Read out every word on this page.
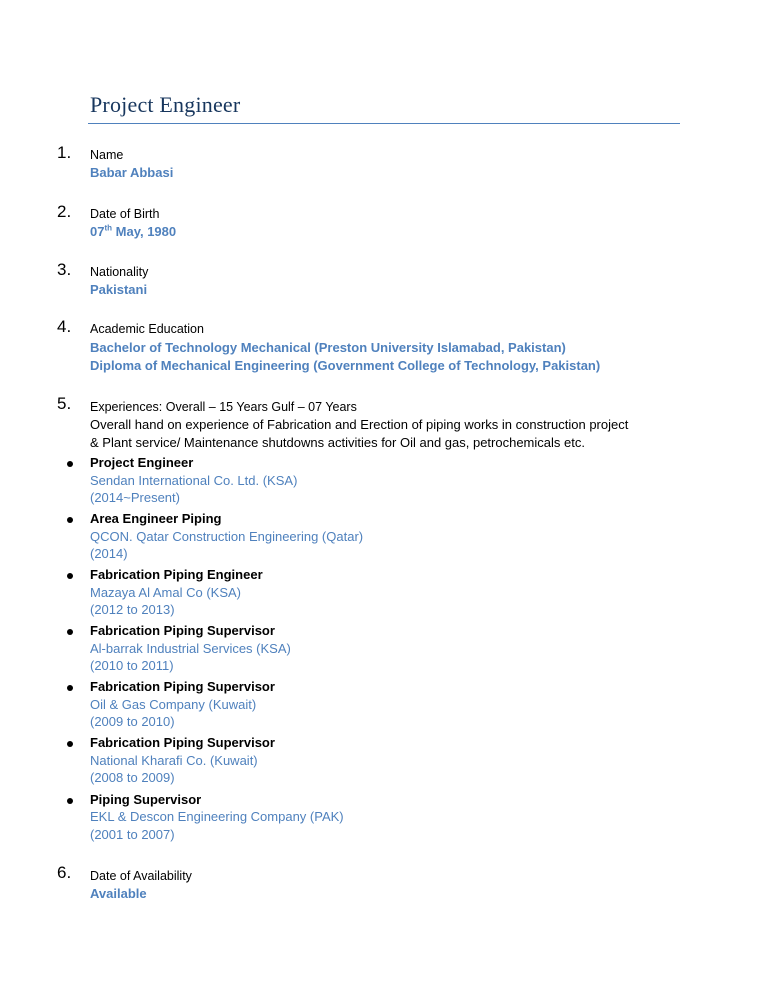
Project Engineer
1. Name
Babar Abbasi
2. Date of Birth
07th May, 1980
3. Nationality
Pakistani
4. Academic Education
Bachelor of Technology Mechanical (Preston University Islamabad, Pakistan)
Diploma of Mechanical Engineering (Government College of Technology, Pakistan)
5. Experiences: Overall – 15 Years Gulf – 07 Years
Overall hand on experience of Fabrication and Erection of piping works in construction project
& Plant service/ Maintenance shutdowns activities for Oil and gas, petrochemicals etc.
Project Engineer
Sendan International Co. Ltd. (KSA)
(2014~Present)
Area Engineer Piping
QCON. Qatar Construction Engineering (Qatar)
(2014)
Fabrication Piping Engineer
Mazaya Al Amal Co (KSA)
(2012 to 2013)
Fabrication Piping Supervisor
Al-barrak Industrial Services (KSA)
(2010 to 2011)
Fabrication Piping Supervisor
Oil & Gas Company (Kuwait)
(2009 to 2010)
Fabrication Piping Supervisor
National Kharafi Co. (Kuwait)
(2008 to 2009)
Piping Supervisor
EKL & Descon Engineering Company (PAK)
(2001 to 2007)
6. Date of Availability
Available
